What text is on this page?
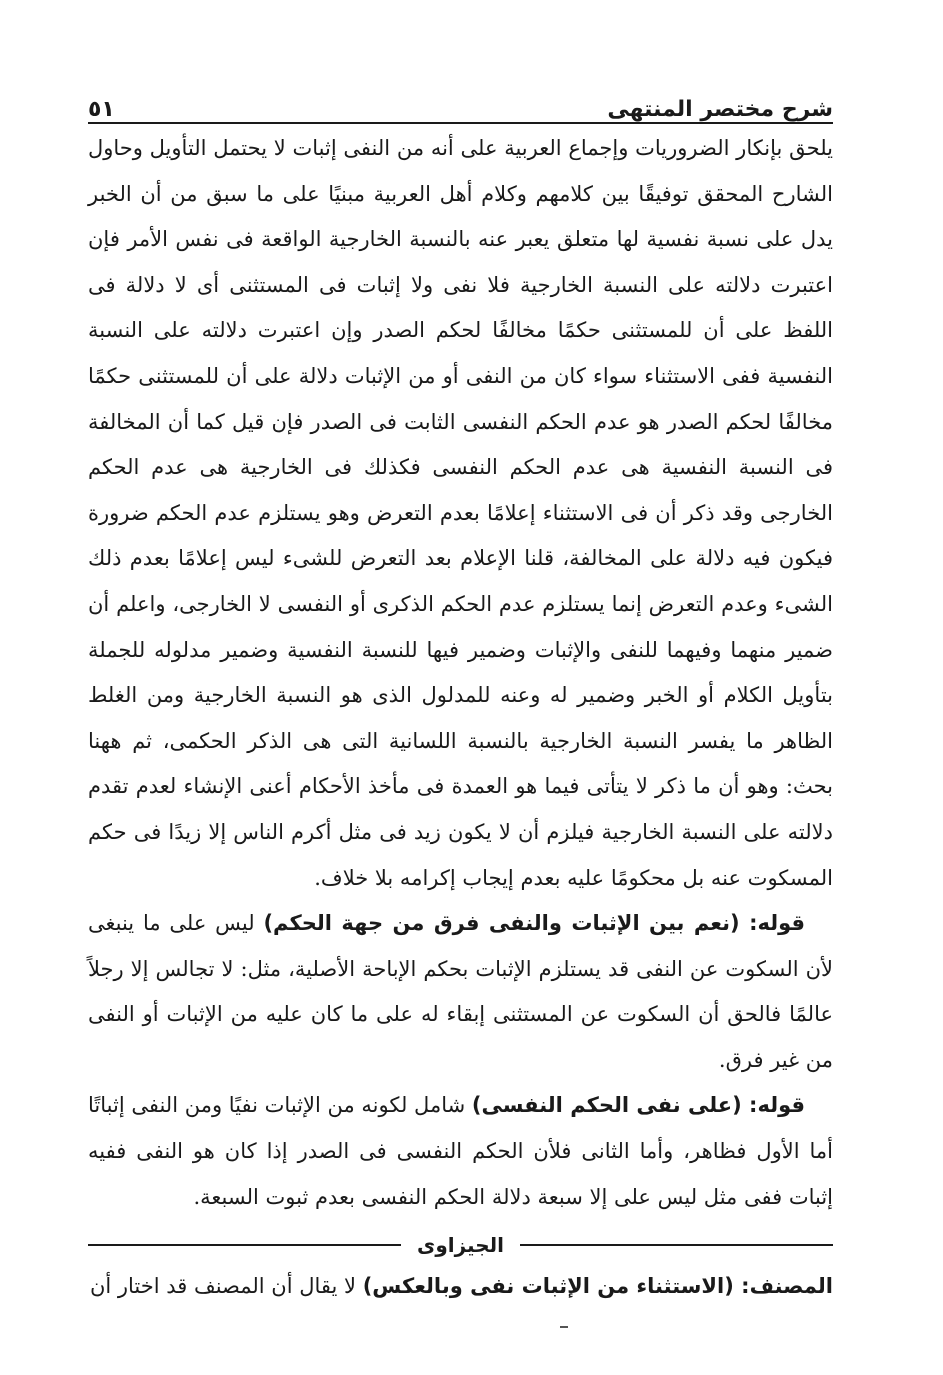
شرح مختصر المنتهى
٥١

يلحق بإنكار الضروريات وإجماع العربية على أنه من النفى إثبات لا يحتمل التأويل وحاول الشارح المحقق توفيقًا بين كلامهم وكلام أهل العربية مبنيًا على ما سبق من أن الخبر يدل على نسبة نفسية لها متعلق يعبر عنه بالنسبة الخارجية الواقعة فى نفس الأمر فإن اعتبرت دلالته على النسبة الخارجية فلا نفى ولا إثبات فى المستثنى أى لا دلالة فى اللفظ على أن للمستثنى حكمًا مخالفًا لحكم الصدر وإن اعتبرت دلالته على النسبة النفسية ففى الاستثناء سواء كان من النفى أو من الإثبات دلالة على أن للمستثنى حكمًا مخالفًا لحكم الصدر هو عدم الحكم النفسى الثابت فى الصدر فإن قيل كما أن المخالفة فى النسبة النفسية هى عدم الحكم النفسى فكذلك فى الخارجية هى عدم الحكم الخارجى وقد ذكر أن فى الاستثناء إعلامًا بعدم التعرض وهو يستلزم عدم الحكم ضرورة فيكون فيه دلالة على المخالفة، قلنا الإعلام بعد التعرض للشىء ليس إعلامًا بعدم ذلك الشىء وعدم التعرض إنما يستلزم عدم الحكم الذكرى أو النفسى لا الخارجى، واعلم أن ضمير منهما وفيهما للنفى والإثبات وضمير فيها للنسبة النفسية وضمير مدلوله للجملة بتأويل الكلام أو الخبر وضمير له وعنه للمدلول الذى هو النسبة الخارجية ومن الغلط الظاهر ما يفسر النسبة الخارجية بالنسبة اللسانية التى هى الذكر الحكمى، ثم ههنا بحث: وهو أن ما ذكر لا يتأتى فيما هو العمدة فى مأخذ الأحكام أعنى الإنشاء لعدم تقدم دلالته على النسبة الخارجية فيلزم أن لا يكون زيد فى مثل أكرم الناس إلا زيدًا فى حكم المسكوت عنه بل محكومًا عليه بعدم إيجاب إكرامه بلا خلاف.

قوله: (نعم بين الإثبات والنفى فرق من جهة الحكم) ليس على ما ينبغى لأن السكوت عن النفى قد يستلزم الإثبات بحكم الإباحة الأصلية، مثل: لا تجالس إلا رجلاً عالمًا فالحق أن السكوت عن المستثنى إبقاء له على ما كان عليه من الإثبات أو النفى من غير فرق.

قوله: (على نفى الحكم النفسى) شامل لكونه من الإثبات نفيًا ومن النفى إثباتًا أما الأول فظاهر، وأما الثانى فلأن الحكم النفسى فى الصدر إذا كان هو النفى ففيه إثبات ففى مثل ليس على إلا سبعة دلالة الحكم النفسى بعدم ثبوت السبعة.

الجيزاوى
المصنف: (الاستثناء من الإثبات نفى وبالعكس) لا يقال أن المصنف قد اختار أن
